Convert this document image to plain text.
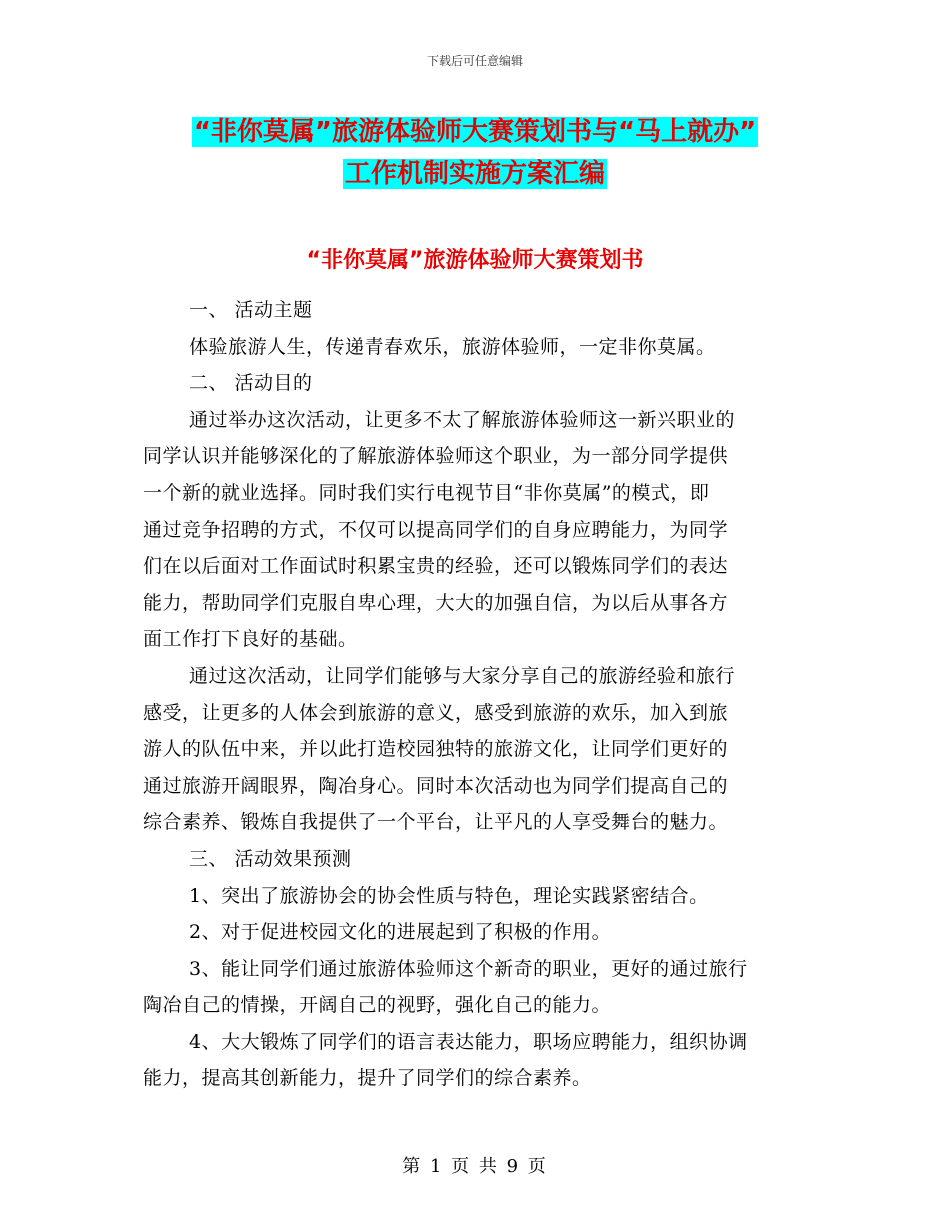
下载后可任意编辑
“非你莫属”旅游体验师大赛策划书与“马上就办”
工作机制实施方案汇编
“非你莫属”旅游体验师大赛策划书
一、 活动主题
体验旅游人生，传递青春欢乐，旅游体验师，一定非你莫属。
二、 活动目的
通过举办这次活动，让更多不太了解旅游体验师这一新兴职业的
同学认识并能够深化的了解旅游体验师这个职业，为一部分同学提供
一个新的就业选择。同时我们实行电视节目“非你莫属”的模式，即
通过竞争招聘的方式，不仅可以提高同学们的自身应聘能力，为同学
们在以后面对工作面试时积累宝贵的经验，还可以锻炼同学们的表达
能力，帮助同学们克服自卑心理，大大的加强自信，为以后从事各方
面工作打下良好的基础。
通过这次活动，让同学们能够与大家分享自己的旅游经验和旅行
感受，让更多的人体会到旅游的意义，感受到旅游的欢乐，加入到旅
游人的队伍中来，并以此打造校园独特的旅游文化，让同学们更好的
通过旅游开阔眼界，陶冶身心。同时本次活动也为同学们提高自己的
综合素养、锻炼自我提供了一个平台，让平凡的人享受舞台的魅力。
三、 活动效果预测
1、突出了旅游协会的协会性质与特色，理论实践紧密结合。
2、对于促进校园文化的进展起到了积极的作用。
3、能让同学们通过旅游体验师这个新奇的职业，更好的通过旅行
陶冶自己的情操，开阔自己的视野，强化自己的能力。
4、大大锻炼了同学们的语言表达能力，职场应聘能力，组织协调
能力，提高其创新能力，提升了同学们的综合素养。
第 1 页 共 9 页
